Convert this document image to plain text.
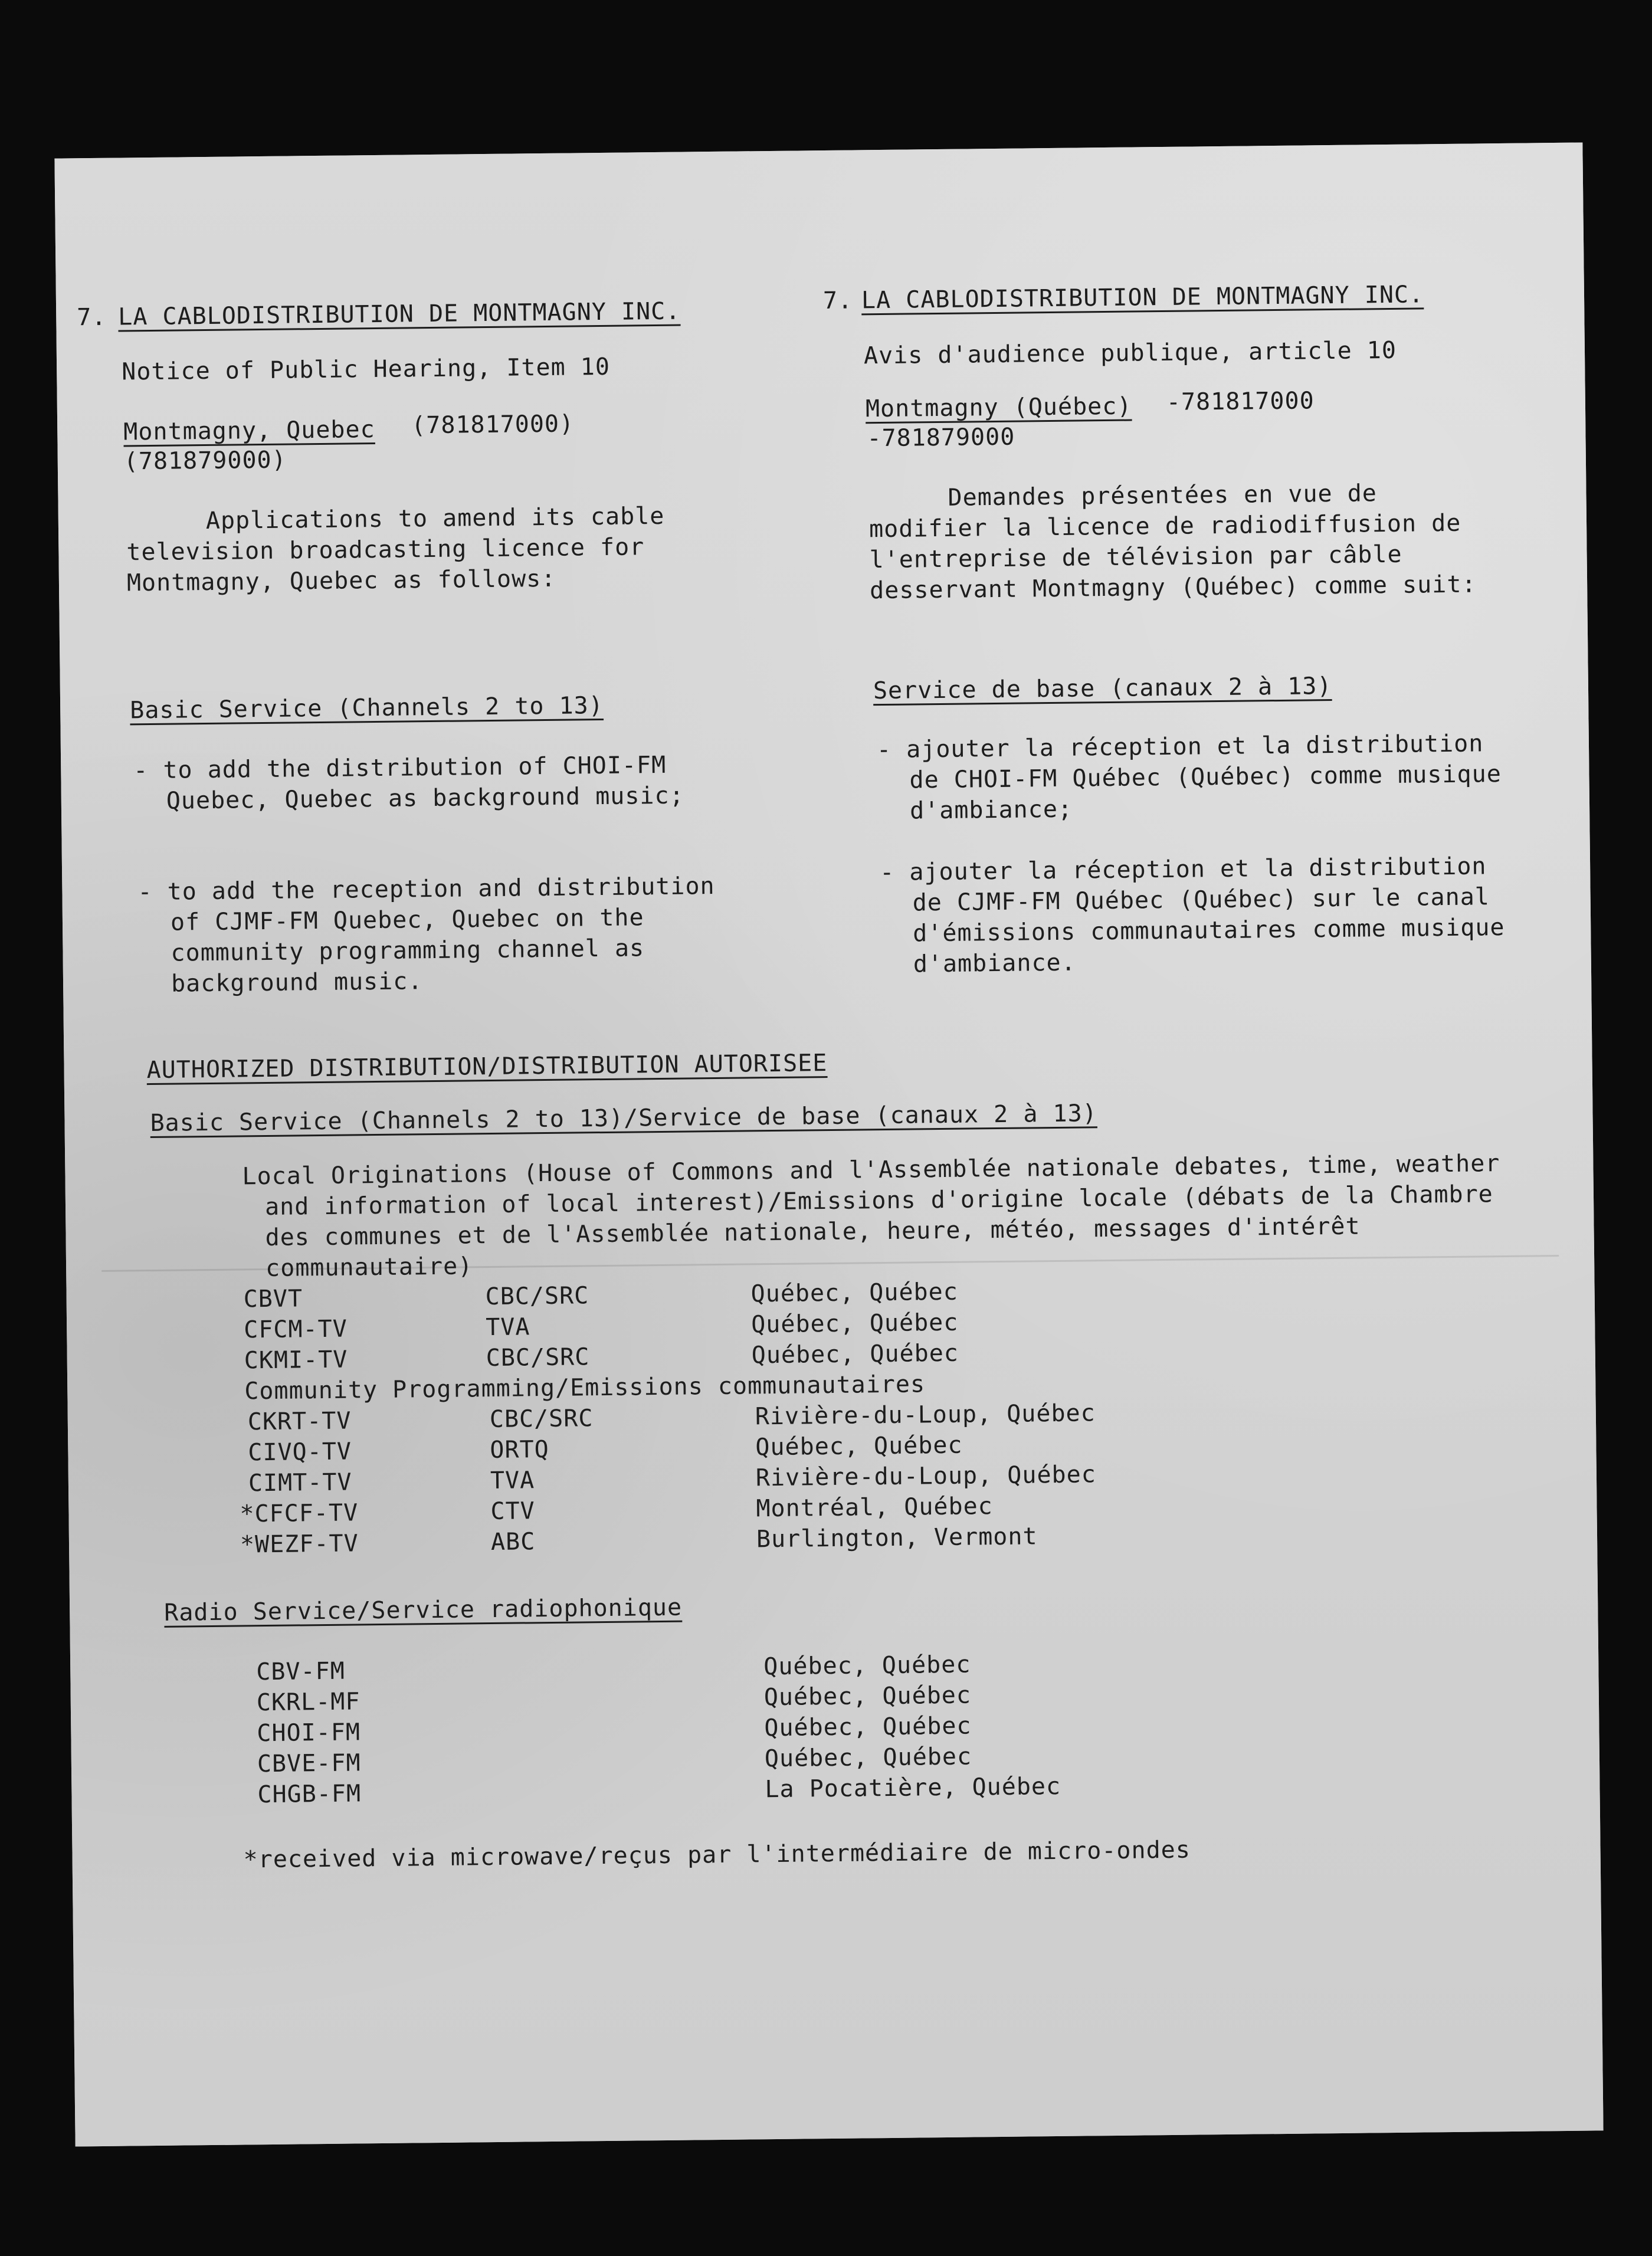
7. LA CABLODISTRIBUTION DE MONTMAGNY INC.
Notice of Public Hearing, Item 10
Montmagny, Quebec (781817000)
(781879000)
Applications to amend its cable
television broadcasting licence for
Montmagny, Quebec as follows:
Basic Service (Channels 2 to 13)
- to add the distribution of CHOI-FM
Quebec, Quebec as background music;
- to add the reception and distribution
of CJMF-FM Quebec, Quebec on the
community programming channel as
background music.
7. LA CABLODISTRIBUTION DE MONTMAGNY INC.
Avis d'audience publique, article 10
Montmagny (Québec) -781817000
-781879000
Demandes présentées en vue de
modifier la licence de radiodiffusion de
l'entreprise de télévision par câble
desservant Montmagny (Québec) comme suit:
Service de base (canaux 2 à 13)
- ajouter la réception et la distribution
de CHOI-FM Québec (Québec) comme musique
d'ambiance;
- ajouter la réception et la distribution
de CJMF-FM Québec (Québec) sur le canal
d'émissions communautaires comme musique
d'ambiance.
AUTHORIZED DISTRIBUTION/DISTRIBUTION AUTORISEE
Basic Service (Channels 2 to 13)/Service de base (canaux 2 à 13)
Local Originations (House of Commons and l'Assemblée nationale debates, time, weather
and information of local interest)/Emissions d'origine locale (débats de la Chambre
des communes et de l'Assemblée nationale, heure, météo, messages d'intérêt
communautaire)
CBVT	CBC/SRC	Québec, Québec
CFCM-TV	TVA	Québec, Québec
CKMI-TV	CBC/SRC	Québec, Québec
Community Programming/Emissions communautaires
CKRT-TV	CBC/SRC	Rivière-du-Loup, Québec
CIVQ-TV	ORTQ	Québec, Québec
CIMT-TV	TVA	Rivière-du-Loup, Québec
*CFCF-TV	CTV	Montréal, Québec
*WEZF-TV	ABC	Burlington, Vermont
Radio Service/Service radiophonique
CBV-FM	Québec, Québec
CKRL-MF	Québec, Québec
CHOI-FM	Québec, Québec
CBVE-FM	Québec, Québec
CHGB-FM	La Pocatière, Québec
*received via microwave/reçus par l'intermédiaire de micro-ondes
